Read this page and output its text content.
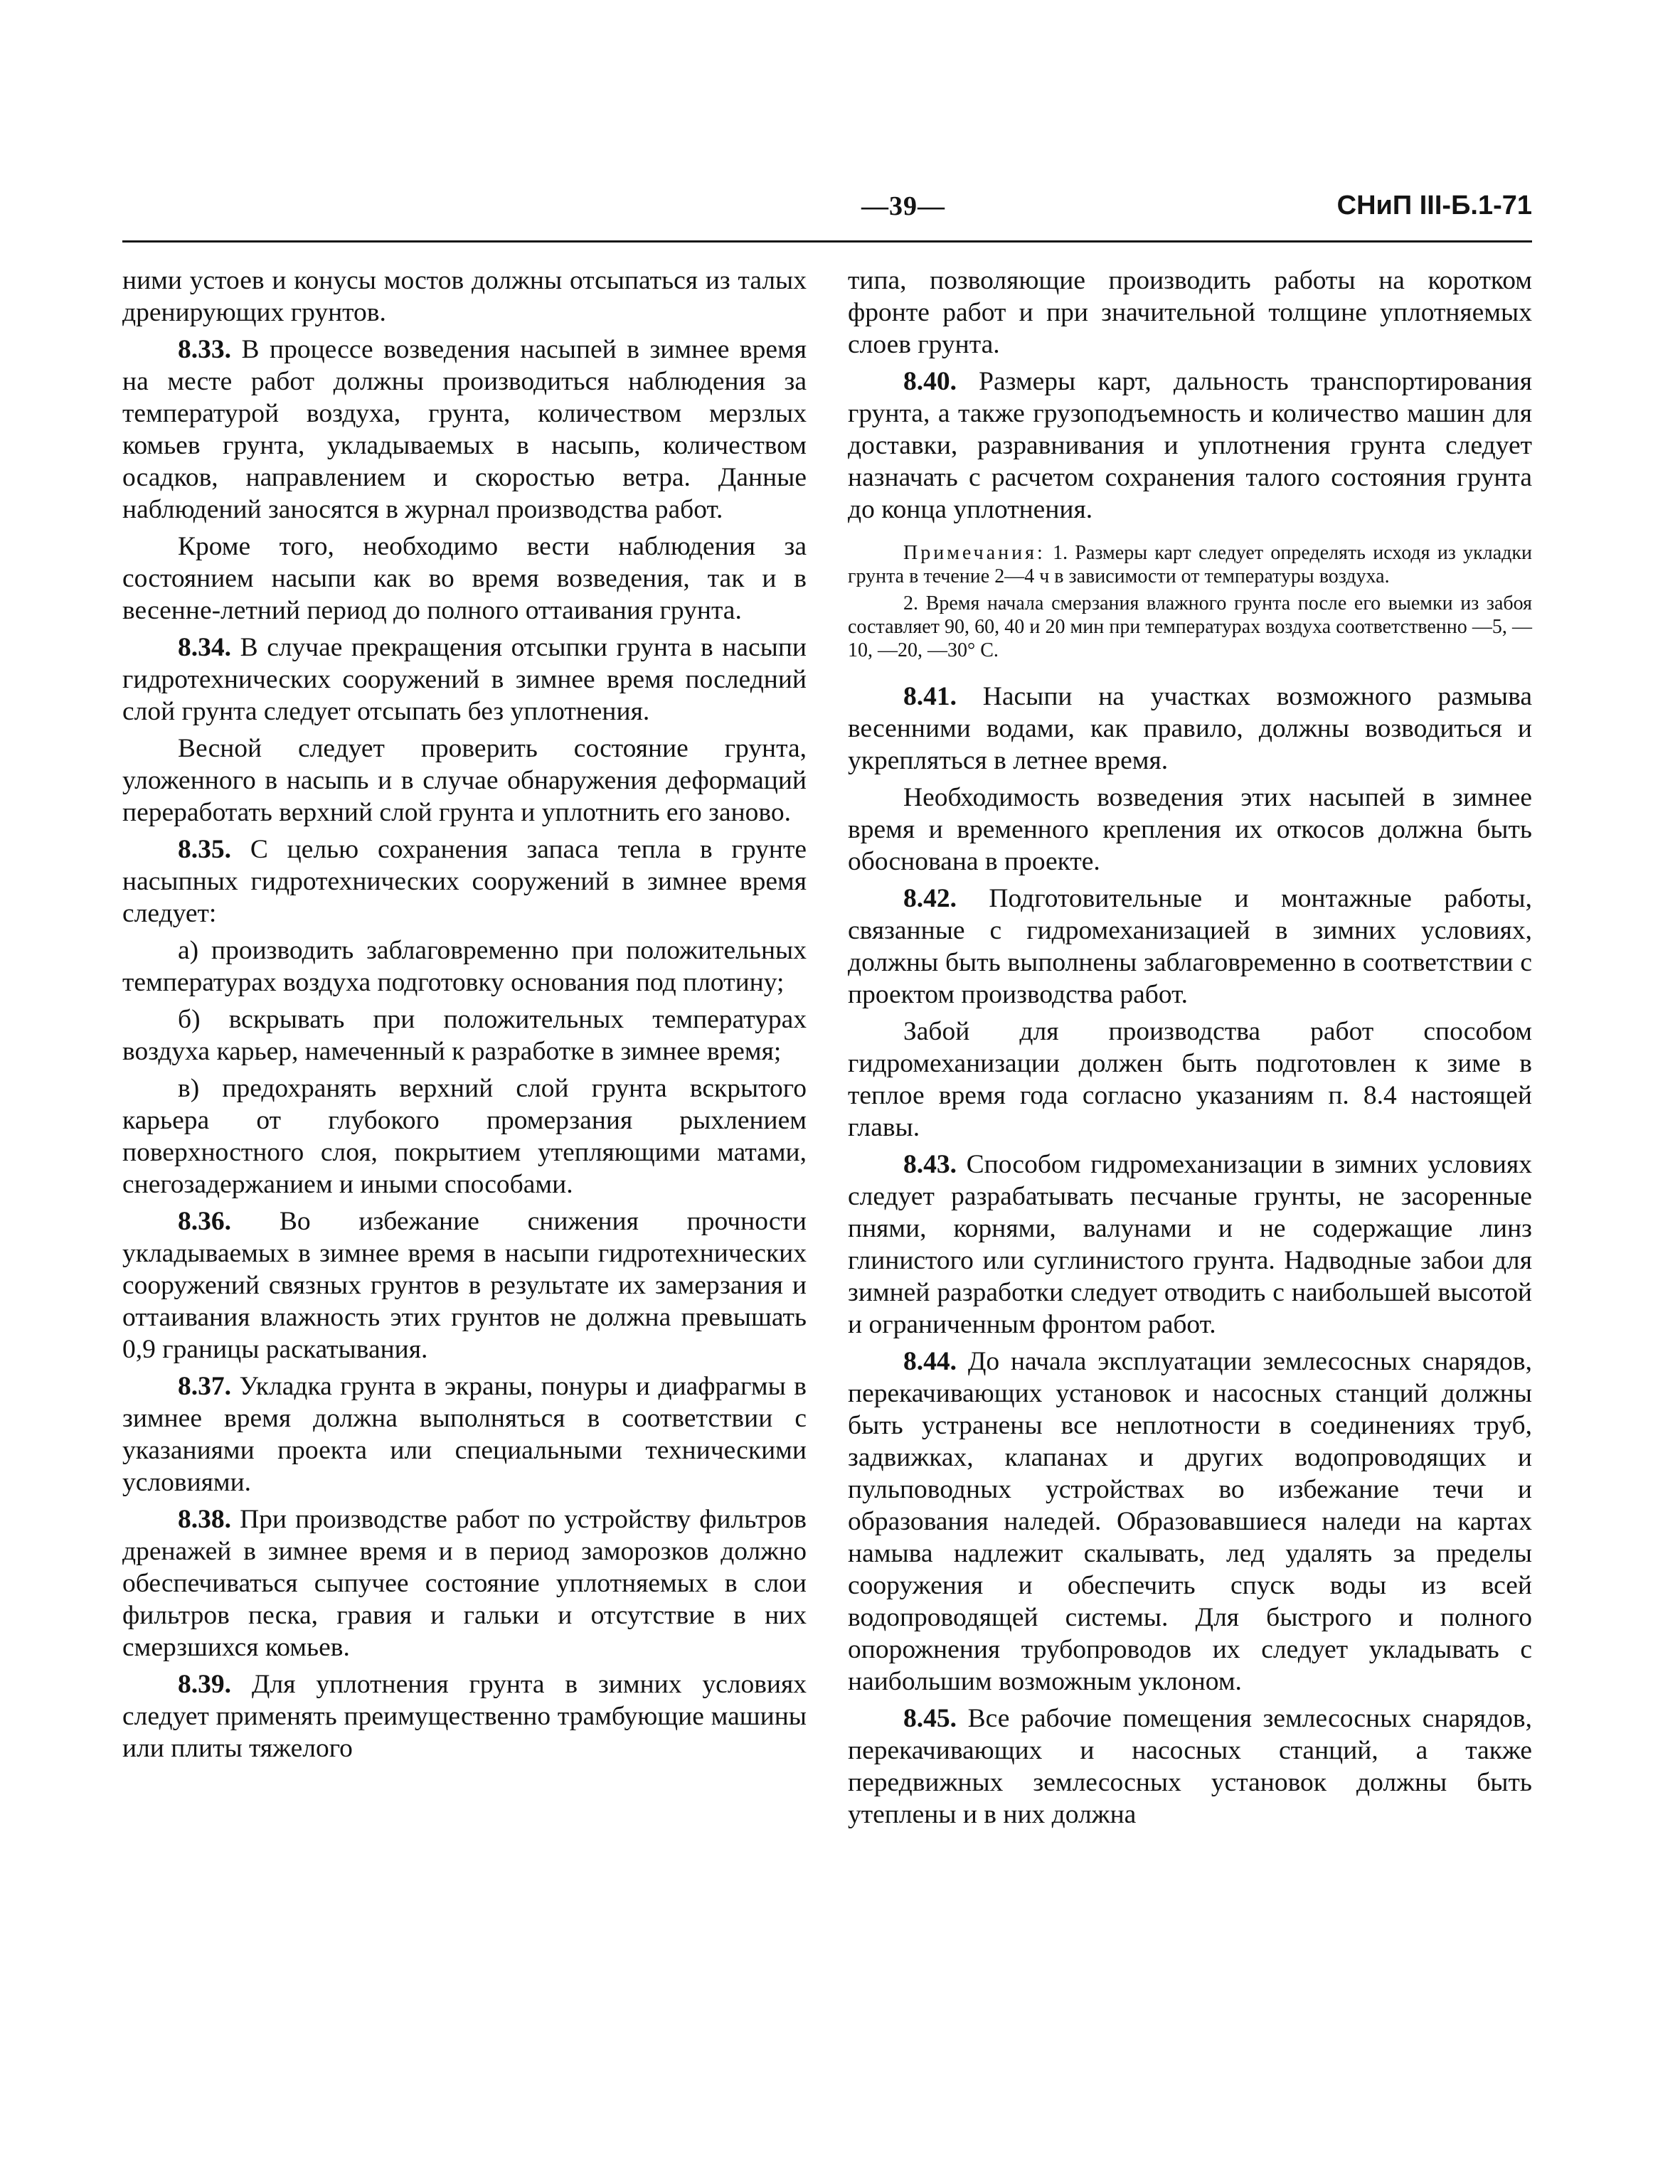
—39—	СНиП III-Б.1-71

ними устоев и конусы мостов должны отсыпаться из талых дренирующих грунтов.

8.33. В процессе возведения насыпей в зимнее время на месте работ должны производиться наблюдения за температурой воздуха, грунта, количеством мерзлых комьев грунта, укладываемых в насыпь, количеством осадков, направлением и скоростью ветра. Данные наблюдений заносятся в журнал производства работ.

Кроме того, необходимо вести наблюдения за состоянием насыпи как во время возведения, так и в весенне-летний период до полного оттаивания грунта.

8.34. В случае прекращения отсыпки грунта в насыпи гидротехнических сооружений в зимнее время последний слой грунта следует отсыпать без уплотнения.

Весной следует проверить состояние грунта, уложенного в насыпь и в случае обнаружения деформаций переработать верхний слой грунта и уплотнить его заново.

8.35. С целью сохранения запаса тепла в грунте насыпных гидротехнических сооружений в зимнее время следует:

а) производить заблаговременно при положительных температурах воздуха подготовку основания под плотину;

б) вскрывать при положительных температурах воздуха карьер, намеченный к разработке в зимнее время;

в) предохранять верхний слой грунта вскрытого карьера от глубокого промерзания рыхлением поверхностного слоя, покрытием утепляющими матами, снегозадержанием и иными способами.

8.36. Во избежание снижения прочности укладываемых в зимнее время в насыпи гидротехнических сооружений связных грунтов в результате их замерзания и оттаивания влажность этих грунтов не должна превышать 0,9 границы раскатывания.

8.37. Укладка грунта в экраны, понуры и диафрагмы в зимнее время должна выполняться в соответствии с указаниями проекта или специальными техническими условиями.

8.38. При производстве работ по устройству фильтров дренажей в зимнее время и в период заморозков должно обеспечиваться сыпучее состояние уплотняемых в слои фильтров песка, гравия и гальки и отсутствие в них смерзшихся комьев.

8.39. Для уплотнения грунта в зимних условиях следует применять преимущественно трамбующие машины или плиты тяжелого

типа, позволяющие производить работы на коротком фронте работ и при значительной толщине уплотняемых слоев грунта.

8.40. Размеры карт, дальность транспортирования грунта, а также грузоподъемность и количество машин для доставки, разравнивания и уплотнения грунта следует назначать с расчетом сохранения талого состояния грунта до конца уплотнения.

Примечания: 1. Размеры карт следует определять исходя из укладки грунта в течение 2—4 ч в зависимости от температуры воздуха.

2. Время начала смерзания влажного грунта после его выемки из забоя составляет 90, 60, 40 и 20 мин при температурах воздуха соответственно —5, —10, —20, —30° С.

8.41. Насыпи на участках возможного размыва весенними водами, как правило, должны возводиться и укрепляться в летнее время.

Необходимость возведения этих насыпей в зимнее время и временного крепления их откосов должна быть обоснована в проекте.

8.42. Подготовительные и монтажные работы, связанные с гидромеханизацией в зимних условиях, должны быть выполнены заблаговременно в соответствии с проектом производства работ.

Забой для производства работ способом гидромеханизации должен быть подготовлен к зиме в теплое время года согласно указаниям п. 8.4 настоящей главы.

8.43. Способом гидромеханизации в зимних условиях следует разрабатывать песчаные грунты, не засоренные пнями, корнями, валунами и не содержащие линз глинистого или суглинистого грунта. Надводные забои для зимней разработки следует отводить с наибольшей высотой и ограниченным фронтом работ.

8.44. До начала эксплуатации землесосных снарядов, перекачивающих установок и насосных станций должны быть устранены все неплотности в соединениях труб, задвижках, клапанах и других водопроводящих и пульповодных устройствах во избежание течи и образования наледей. Образовавшиеся наледи на картах намыва надлежит скалывать, лед удалять за пределы сооружения и обеспечить спуск воды из всей водопроводящей системы. Для быстрого и полного опорожнения трубопроводов их следует укладывать с наибольшим возможным уклоном.

8.45. Все рабочие помещения землесосных снарядов, перекачивающих и насосных станций, а также передвижных землесосных установок должны быть утеплены и в них должна
